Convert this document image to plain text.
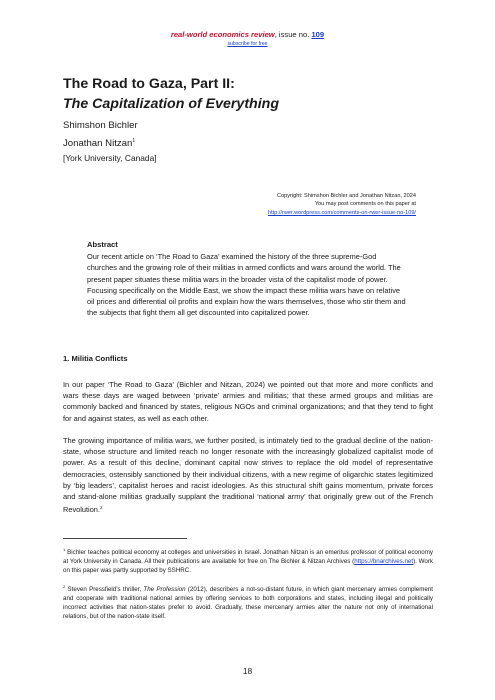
real-world economics review, issue no. 109
subscribe for free
The Road to Gaza, Part II:
The Capitalization of Everything
Shimshon Bichler
Jonathan Nitzan$^1$
[York University, Canada]
Copyright: Shimshon Bichler and Jonathan Nitzan, 2024
You may post comments on this paper at
http://rwer.wordpress.com/comments-on-rwer-issue-no-109/
Abstract

Our recent article on ‘The Road to Gaza’ examined the history of the three supreme-God churches and the growing role of their militias in armed conflicts and wars around the world. The present paper situates these militia wars in the broader vista of the capitalist mode of power. Focusing specifically on the Middle East, we show the impact these militia wars have on relative oil prices and differential oil profits and explain how the wars themselves, those who stir them and the subjects that fight them all get discounted into capitalized power.

1. Militia Conflicts

In our paper ‘The Road to Gaza’ (Bichler and Nitzan, 2024) we pointed out that more and more conflicts and wars these days are waged between ‘private’ armies and militias; that these armed groups and militias are commonly backed and financed by states, religious NGOs and criminal organizations; and that they tend to fight for and against states, as well as each other.

The growing importance of militia wars, we further posited, is intimately tied to the gradual decline of the nation-state, whose structure and limited reach no longer resonate with the increasingly globalized capitalist mode of power. As a result of this decline, dominant capital now strives to replace the old model of representative democracies, ostensibly sanctioned by their individual citizens, with a new regime of oligarchic states legitimized by ‘big leaders’, capitalist heroes and racist ideologies. As this structural shift gains momentum, private forces and stand-alone militias gradually supplant the traditional ‘national army’ that originally grew out of the French Revolution.$^2$

$^1$ Bichler teaches political economy at colleges and universities in Israel. Jonathan Nitzan is an emeritus professor of political economy at York University in Canada. All their publications are available for free on The Bichler & Nitzan Archives (https://bnarchives.net). Work on this paper was partly supported by SSHRC.

$^2$ Steven Pressfield’s thriller, The Profession (2012), describers a not-so-distant future, in which giant mercenary armies complement and cooperate with traditional national armies by offering services to both corporations and states, including illegal and politically incorrect activities that nation-states prefer to avoid. Gradually, these mercenary armies alter the nature not only of international relations, but of the nation-state itself.

18
